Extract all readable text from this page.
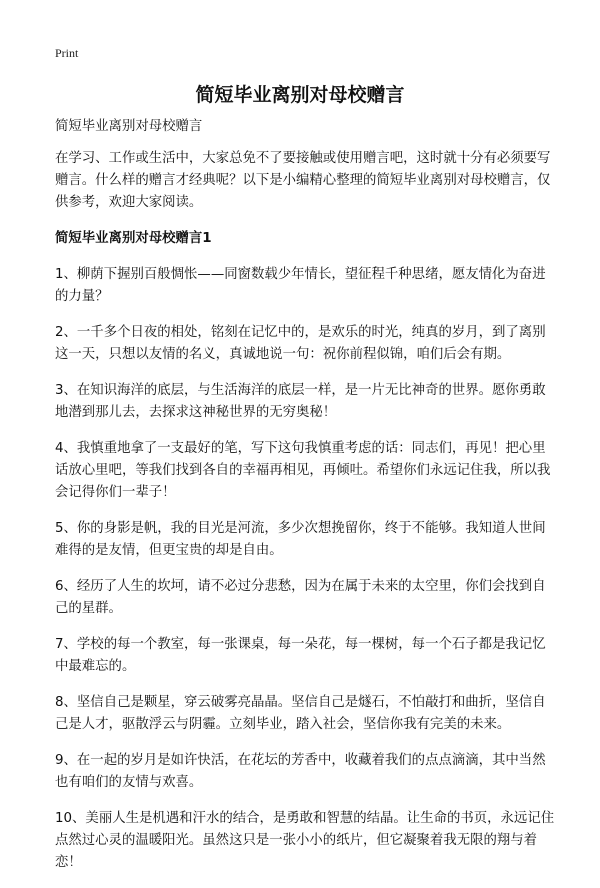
Print
简短毕业离别对母校赠言

简短毕业离别对母校赠言

在学习、工作或生活中，大家总免不了要接触或使用赠言吧，这时就十分有必须要写赠言。什么样的赠言才经典呢？以下是小编精心整理的简短毕业离别对母校赠言，仅供参考，欢迎大家阅读。

简短毕业离别对母校赠言1

1、柳荫下握别百般惆怅——同窗数载少年情长，望征程千种思绪，愿友情化为奋进的力量？

2、一千多个日夜的相处，铭刻在记忆中的，是欢乐的时光，纯真的岁月，到了离别这一天，只想以友情的名义，真诚地说一句：祝你前程似锦，咱们后会有期。

3、在知识海洋的底层，与生活海洋的底层一样，是一片无比神奇的世界。愿你勇敢地潜到那儿去，去探求这神秘世界的无穷奥秘！

4、我慎重地拿了一支最好的笔，写下这句我慎重考虑的话：同志们，再见！把心里话放心里吧，等我们找到各自的幸福再相见，再倾吐。希望你们永远记住我，所以我会记得你们一辈子！

5、你的身影是帆，我的目光是河流，多少次想挽留你，终于不能够。我知道人世间难得的是友情，但更宝贵的却是自由。

6、经历了人生的坎坷，请不必过分悲愁，因为在属于未来的太空里，你们会找到自己的星群。

7、学校的每一个教室，每一张课桌，每一朵花，每一棵树，每一个石子都是我记忆中最难忘的。

8、坚信自己是颗星，穿云破雾亮晶晶。坚信自己是燧石，不怕敲打和曲折，坚信自己是人才，驱散浮云与阴霾。立刻毕业，踏入社会，坚信你我有完美的未来。

9、在一起的岁月是如许快活，在花坛的芳香中，收藏着我们的点点滴滴，其中当然也有咱们的友情与欢喜。

10、美丽人生是机遇和汗水的结合，是勇敢和智慧的结晶。让生命的书页，永远记住点然过心灵的温暖阳光。虽然这只是一张小小的纸片，但它凝聚着我无限的翔与着恋！
